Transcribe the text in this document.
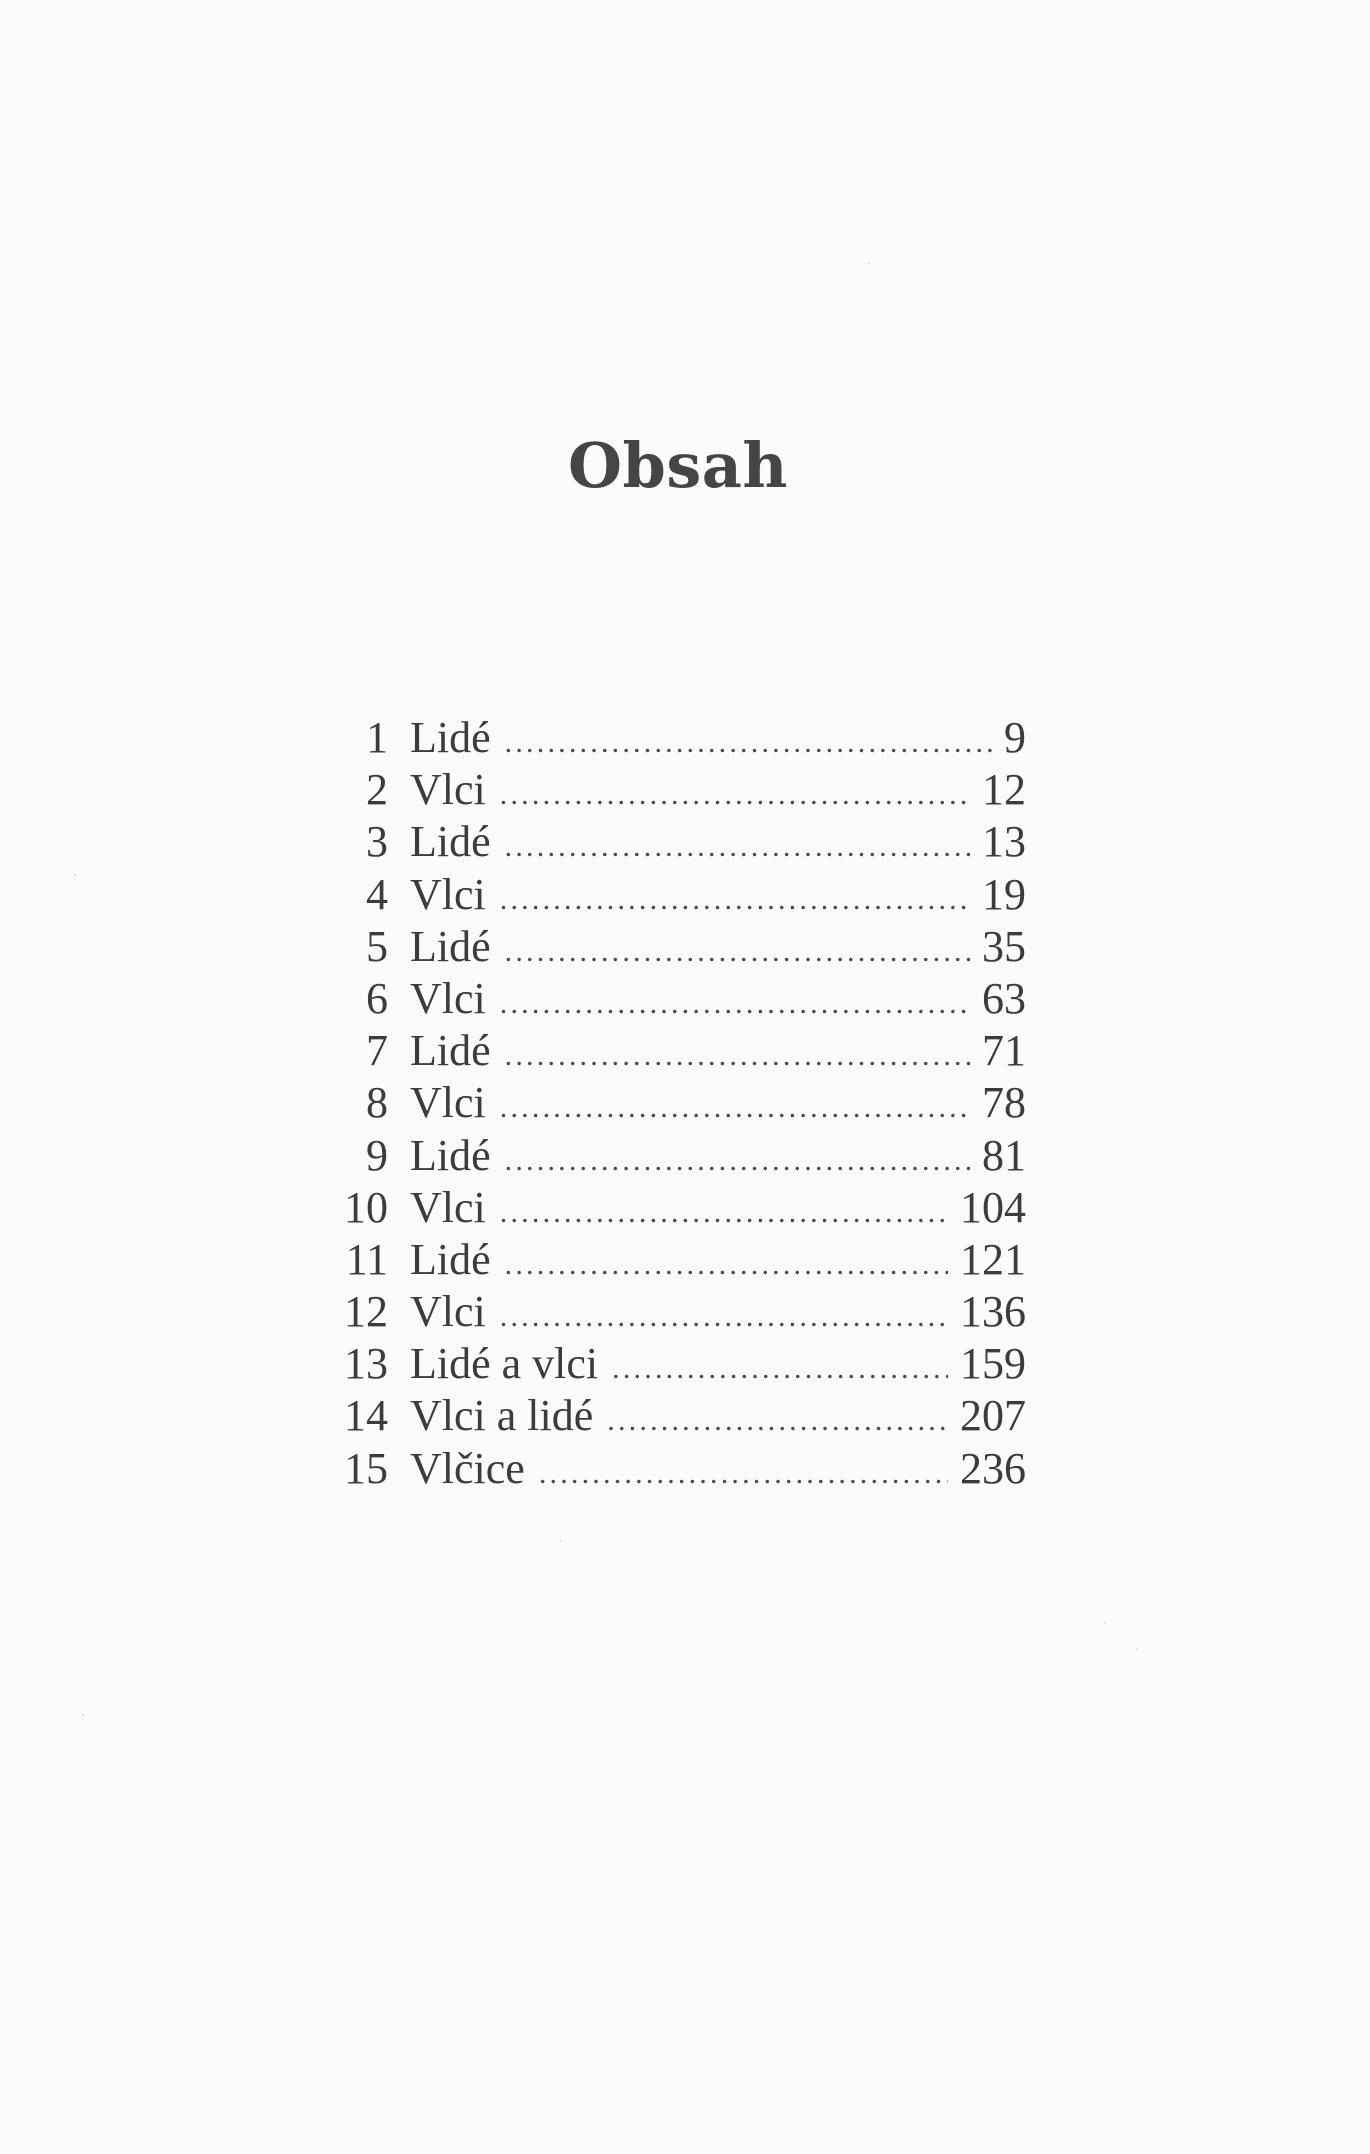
Obsah
1 Lidé .....	9
2 Vlci .....	12
3 Lidé .....	13
4 Vlci .....	19
5 Lidé .....	35
6 Vlci .....	63
7 Lidé .....	71
8 Vlci .....	78
9 Lidé .....	81
10 Vlci .....	104
11 Lidé .....	121
12 Vlci .....	136
13 Lidé a vlci .....	159
14 Vlci a lidé .....	207
15 Vlčice .....	236
